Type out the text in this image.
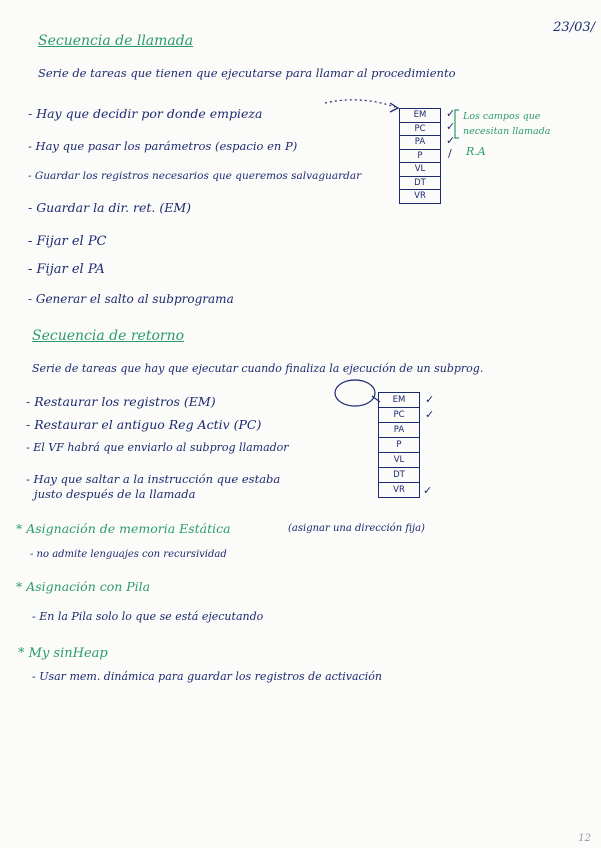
23/03/
Secuencia de llamada
Serie de tareas que tienen que ejecutarse para llamar al procedimiento
- Hay que decidir por donde empieza
- Hay que pasar los parámetros (espacio en P)
- Guardar los registros necesarios que queremos salvaguardar
- Guardar la dir. ret. (EM)
- Fijar el PC
- Fijar el PA
- Generar el salto al subprograma
EM
PC
PA
P
VL
DT
VR
✓
✓
✓
/
Los campos que
necesitan llamada
R.A
Secuencia de retorno
Serie de tareas que hay que ejecutar cuando finaliza la ejecución de un subprog.
- Restaurar los registros (EM)
- Restaurar el antiguo Reg Activ (PC)
- El VF habrá que enviarlo al subprog llamador
- Hay que saltar a la instrucción que estaba
justo después de la llamada
EM
PC
PA
P
VL
DT
VR
✓
✓
✓
* Asignación de memoria Estática	(asignar una dirección fija)
- no admite lenguajes con recursividad
* Asignación con Pila
- En la Pila solo lo que se está ejecutando
* My sinHeap
- Usar mem. dinámica para guardar los registros de activación
12
